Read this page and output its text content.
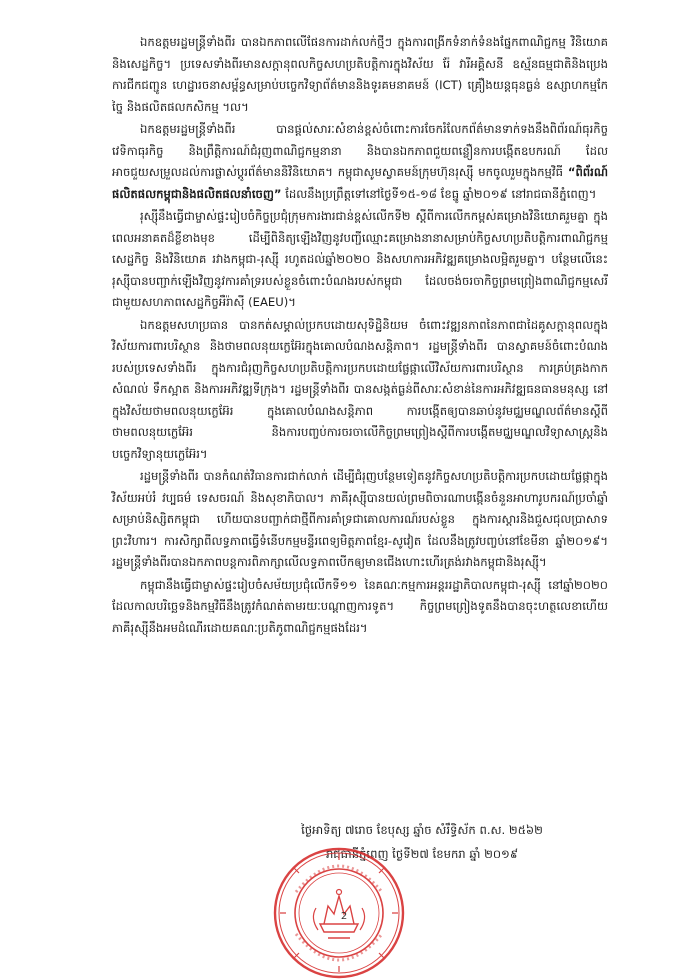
ឯកឧត្តមរដ្ឋមន្ត្រីទាំងពីរ បានឯកភាពលើផែនការដាក់លក់ថ្មីៗ ក្នុងការពង្រីកទំនាក់ទំនងផ្នែកពាណិជ្ជកម្ម វិនិយោគ និងសេដ្ឋកិច្ច។ ប្រទេសទាំងពីរមានសក្តានុពលកិច្ចសហប្រតិបត្តិការក្នុងវិស័យ រ៉ែ វារីអគ្គិសនី ឧស្ម័នធម្មជាតិនិងប្រេង ការជីកជញ្ជូន ហេដ្ឋារចនាសម្ព័ន្ធសម្រាប់បច្ចេកវិទ្យាព័ត៌មាននិងទូរគមនាគមន៍ (ICT) គ្រឿងយន្តធុនធ្ងន់ ឧស្សាហកម្មកែច្នៃ និងផលិតផលកសិកម្ម ។ល។

ឯកឧត្តមរដ្ឋមន្ត្រីទាំងពីរ បានផ្តល់សារៈសំខាន់ខ្ពស់ចំពោះការចែករំលែកព័ត៌មានទាក់ទងនឹងពិព័រណ៍ធុរកិច្ច វេទិកាធុរកិច្ច និងព្រឹត្តិការណ៍ជំរុញពាណិជ្ជកម្មនានា និងបានឯកភាពជួយពន្លឿនការបង្កើតឧបករណ៍ ដែលអាចជួយសម្រួលដល់ការផ្លាស់ប្តូរព័ត៌មាននិវិនិយោគ។ កម្ពុជាសូមស្វាគមន៍ក្រុមហ៊ុនរុស្ស៊ី មកចូលរួមក្នុងកម្មវិធី “ពិព័រណ៍ផលិតផលកម្ពុជានិងផលិតផលនាំចេញ” ដែលនឹងប្រព្រឹត្តទៅនៅថ្ងៃទី១៥-១៨ ខែធ្នូ ឆ្នាំ២០១៩ នៅរាជធានីភ្នំពេញ។

រុស្ស៊ីនឹងធ្វើជាម្ចាស់ផ្ទះរៀបចំកិច្ចប្រជុំក្រុមការងារជាន់ខ្ពស់លើកទី២ ស្តីពីការលើកកម្ពស់គម្រោងវិនិយោគរួមគ្នា ក្នុងពេលអនាគតដ៏ខ្លីខាងមុខ ដើម្បីពិនិត្យឡើងវិញនូវបញ្ជីឈ្មោះគម្រោងនានាសម្រាប់កិច្ចសហប្រតិបត្តិការពាណិជ្ជកម្ម សេដ្ឋកិច្ច និងវិនិយោគ រវាងកម្ពុជា-រុស្ស៊ី រហូតដល់ឆ្នាំ២០២០ និងសហការអភិវឌ្ឍគម្រោងលម្អិតរួមគ្នា។ បន្ថែមលើនេះ រុស្ស៊ីបានបញ្ជាក់ឡើងវិញនូវការគាំទ្ររបស់ខ្លួនចំពោះបំណងរបស់កម្ពុជា ដែលចង់ចរចាកិច្ចព្រមព្រៀងពាណិជ្ជកម្មសេរីជាមួយសហភាពសេដ្ឋកិច្ចអឺរ៉ាស៊ី (EAEU)។

ឯកឧត្តមសហប្រធាន បានកត់សម្គាល់ប្រកបដោយសុទិដ្ឋិនិយម ចំពោះវឌ្ឍនភាពនៃភាពជាដៃគូសក្តានុពលក្នុងវិស័យការពារបរិស្ថាន និងថាមពលនុយក្លេអ៊ែរក្នុងគោលបំណងសន្តិភាព។ រដ្ឋមន្ត្រីទាំងពីរ បានស្វាគមន៍ចំពោះបំណងរបស់ប្រទេសទាំងពីរ ក្នុងការជំរុញកិច្ចសហប្រតិបត្តិការប្រកបដោយផ្លែផ្កាលើវិស័យការពារបរិស្ថាន ការគ្រប់គ្រងកាកសំណល់ ទឹកស្អាត និងការអភិវឌ្ឍទីក្រុង។ រដ្ឋមន្ត្រីទាំងពីរ បានសង្កត់ធ្ងន់ពីសារៈសំខាន់នៃការអភិវឌ្ឍធនធានមនុស្ស នៅក្នុងវិស័យថាមពលនុយក្លេអ៊ែរ ក្នុងគោលបំណងសន្តិភាព ការបង្កើតឲ្យបានឆាប់នូវមជ្ឈមណ្ឌលព័ត៌មានស្តីពីថាមពលនុយក្លេអ៊ែរ និងការបញ្ចប់ការចរចាលើកិច្ចព្រមព្រៀងស្តីពីការបង្កើតមជ្ឈមណ្ឌលវិទ្យាសាស្ត្រនិងបច្ចេកវិទ្យានុយក្លេអ៊ែរ។

រដ្ឋមន្ត្រីទាំងពីរ បានកំណត់វិធានការជាក់លាក់ ដើម្បីជំរុញបន្ថែមទៀតនូវកិច្ចសហប្រតិបត្តិការប្រកបដោយផ្លែផ្កាក្នុងវិស័យអប់រំ វប្បធម៌ ទេសចរណ៍ និងសុខាភិបាល។ ភាគីរុស្ស៊ីបានយល់ព្រមពិចារណាបង្កើនចំនួនអាហារូបករណ៍ប្រចាំឆ្នាំសម្រាប់និស្សិតកម្ពុជា ហើយបានបញ្ជាក់ជាថ្មីពីការគាំទ្រជាគោលការណ៍របស់ខ្លួន ក្នុងការស្តារនិងជួសជុលប្រាសាទព្រះវិហារ។ ការសិក្សាពីលទ្ធភាពធ្វើទំនើបកម្មមន្ទីរពេទ្យមិត្តភាពខ្មែរ-សូវៀត ដែលនឹងត្រូវបញ្ចប់នៅខែមីនា ឆ្នាំ២០១៩។ រដ្ឋមន្ត្រីទាំងពីរបានឯកភាពបន្តការពិភាក្សាលើលទ្ធភាពបើកឲ្យមានជើងហោះហើរត្រង់រវាងកម្ពុជានិងរុស្ស៊ី។

កម្ពុជានឹងធ្វើជាម្ចាស់ផ្ទះរៀបចំសម័យប្រជុំលើកទី១១ នៃគណៈកម្មការអន្តររដ្ឋាភិបាលកម្ពុជា-រុស្ស៊ី នៅឆ្នាំ២០២០ ដែលកាលបរិច្ឆេទនិងកម្មវិធីនឹងត្រូវកំណត់តាមរយៈបណ្តាញការទូត។ កិច្ចព្រមព្រៀងទូតនឹងបានចុះហត្ថលេខាហើយភាគីរុស្ស៊ីនឹងអមដំណើរដោយគណៈប្រតិភូពាណិជ្ជកម្មផងដែរ។

ថ្ងៃអាទិត្យ ៧រោច ខែបុស្ស ឆ្នាំច សំរឹទ្ធិស័ក ព.ស. ២៥៦២
រាជធានីភ្នំពេញ ថ្ងៃទី២៧ ខែមករា ឆ្នាំ ២០១៩
2
